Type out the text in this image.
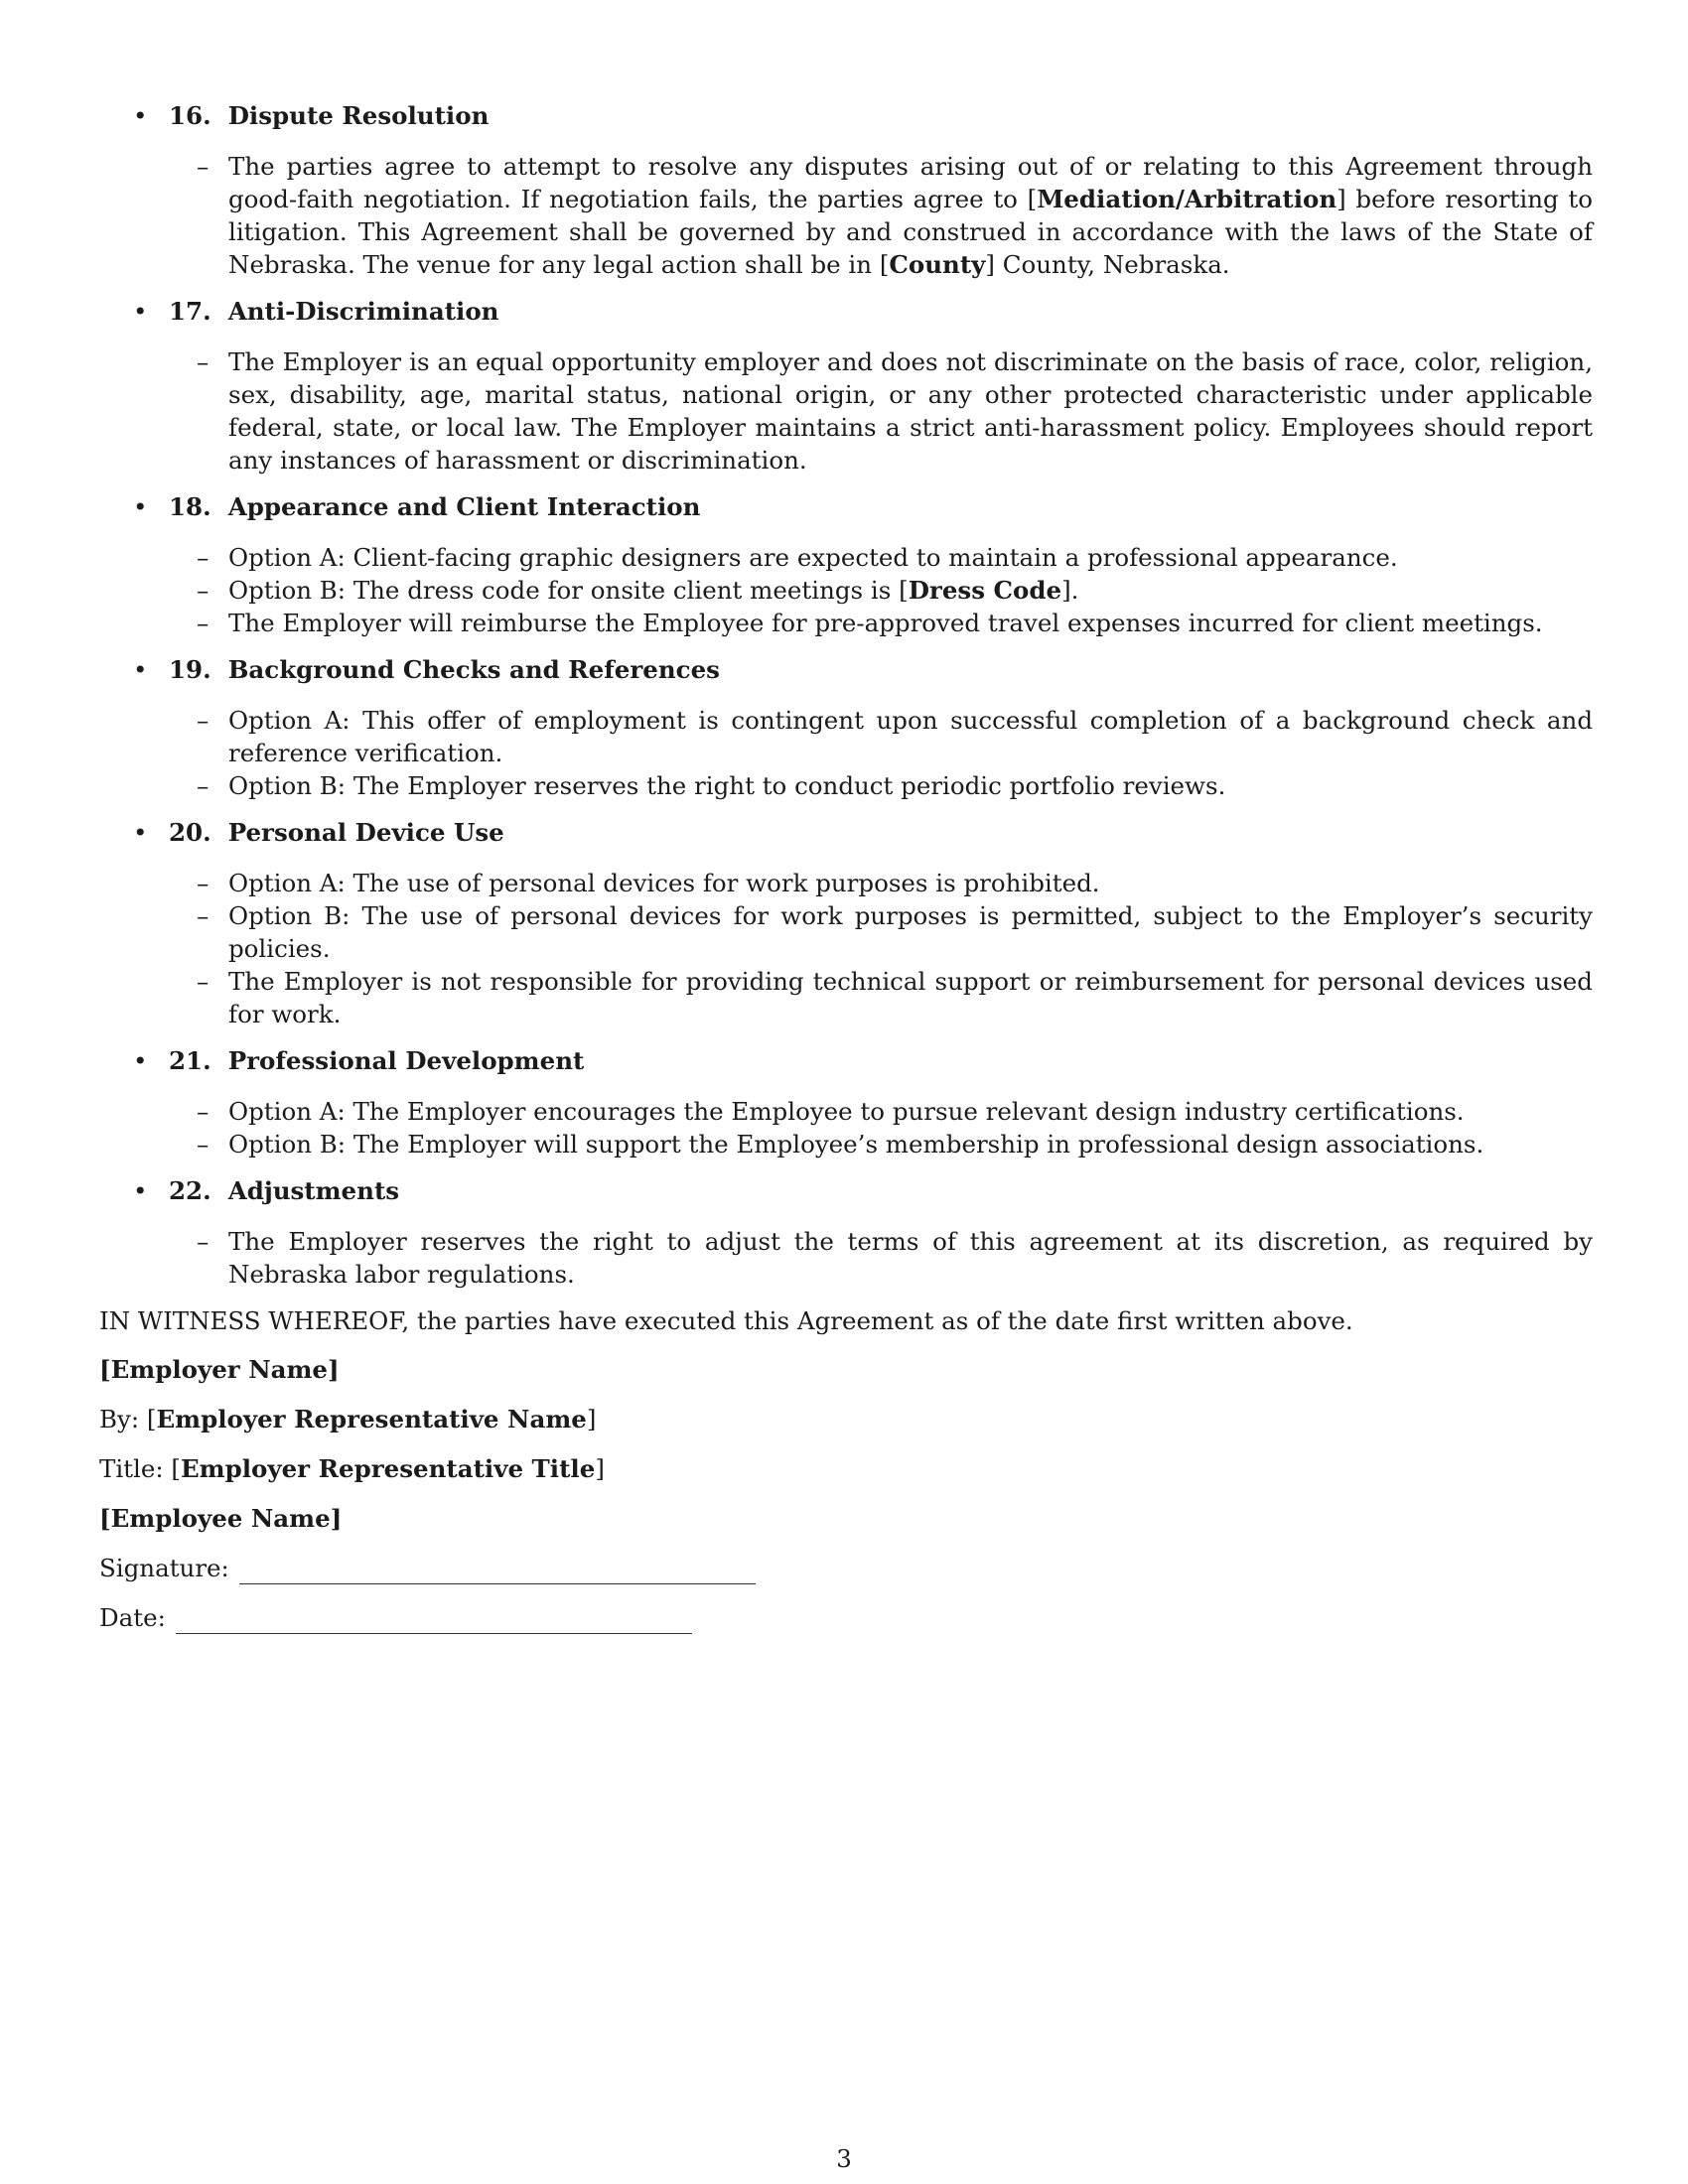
• 16. Dispute Resolution
– The parties agree to attempt to resolve any disputes arising out of or relating to this Agreement through good-faith negotiation. If negotiation fails, the parties agree to [Mediation/Arbitration] before resorting to litigation. This Agreement shall be governed by and construed in accordance with the laws of the State of Nebraska. The venue for any legal action shall be in [County] County, Nebraska.
• 17. Anti-Discrimination
– The Employer is an equal opportunity employer and does not discriminate on the basis of race, color, religion, sex, disability, age, marital status, national origin, or any other protected characteristic under applicable federal, state, or local law. The Employer maintains a strict anti-harassment policy. Employees should report any instances of harassment or discrimination.
• 18. Appearance and Client Interaction
– Option A: Client-facing graphic designers are expected to maintain a professional appearance.
– Option B: The dress code for onsite client meetings is [Dress Code].
– The Employer will reimburse the Employee for pre-approved travel expenses incurred for client meetings.
• 19. Background Checks and References
– Option A: This offer of employment is contingent upon successful completion of a background check and reference verification.
– Option B: The Employer reserves the right to conduct periodic portfolio reviews.
• 20. Personal Device Use
– Option A: The use of personal devices for work purposes is prohibited.
– Option B: The use of personal devices for work purposes is permitted, subject to the Employer’s security policies.
– The Employer is not responsible for providing technical support or reimbursement for personal devices used for work.
• 21. Professional Development
– Option A: The Employer encourages the Employee to pursue relevant design industry certifications.
– Option B: The Employer will support the Employee’s membership in professional design associations.
• 22. Adjustments
– The Employer reserves the right to adjust the terms of this agreement at its discretion, as required by Nebraska labor regulations.
IN WITNESS WHEREOF, the parties have executed this Agreement as of the date first written above.
[Employer Name]
By: [Employer Representative Name]
Title: [Employer Representative Title]
[Employee Name]
Signature:
Date:
3
